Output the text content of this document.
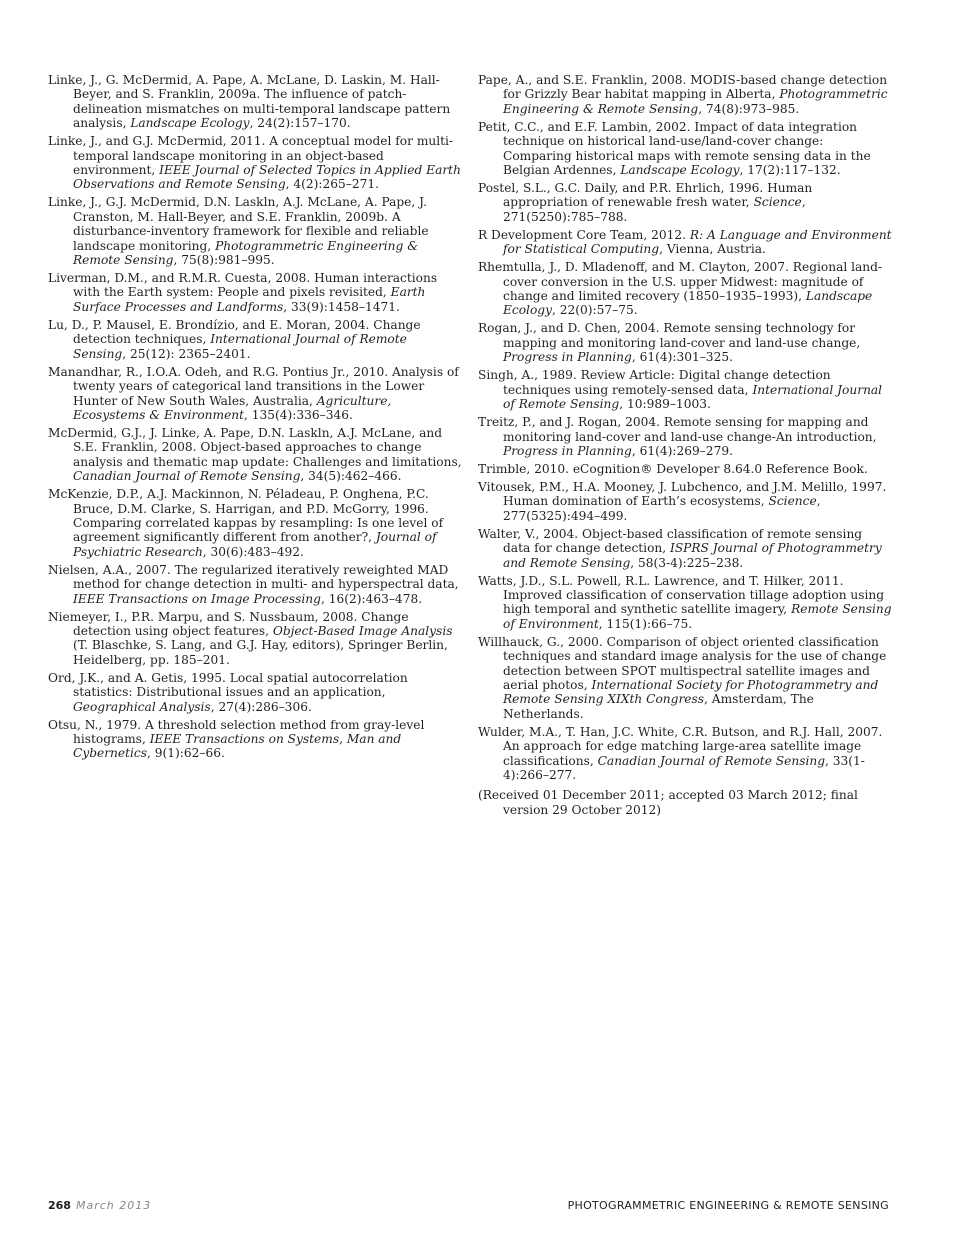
Linke, J., G. McDermid, A. Pape, A. McLane, D. Laskin, M. Hall-Beyer, and S. Franklin, 2009a. The influence of patch-delineation mismatches on multi-temporal landscape pattern analysis, Landscape Ecology, 24(2):157–170.

Linke, J., and G.J. McDermid, 2011. A conceptual model for multi-temporal landscape monitoring in an object-based environment, IEEE Journal of Selected Topics in Applied Earth Observations and Remote Sensing, 4(2):265–271.

Linke, J., G.J. McDermid, D.N. Laskln, A.J. McLane, A. Pape, J. Cranston, M. Hall-Beyer, and S.E. Franklin, 2009b. A disturbance-inventory framework for flexible and reliable landscape monitoring, Photogrammetric Engineering & Remote Sensing, 75(8):981–995.

Liverman, D.M., and R.M.R. Cuesta, 2008. Human interactions with the Earth system: People and pixels revisited, Earth Surface Processes and Landforms, 33(9):1458–1471.

Lu, D., P. Mausel, E. Brondízio, and E. Moran, 2004. Change detection techniques, International Journal of Remote Sensing, 25(12): 2365–2401.

Manandhar, R., I.O.A. Odeh, and R.G. Pontius Jr., 2010. Analysis of twenty years of categorical land transitions in the Lower Hunter of New South Wales, Australia, Agriculture, Ecosystems & Environment, 135(4):336–346.

McDermid, G.J., J. Linke, A. Pape, D.N. Laskln, A.J. McLane, and S.E. Franklin, 2008. Object-based approaches to change analysis and thematic map update: Challenges and limitations, Canadian Journal of Remote Sensing, 34(5):462–466.

McKenzie, D.P., A.J. Mackinnon, N. Péladeau, P. Onghena, P.C. Bruce, D.M. Clarke, S. Harrigan, and P.D. McGorry, 1996. Comparing correlated kappas by resampling: Is one level of agreement significantly different from another?, Journal of Psychiatric Research, 30(6):483–492.

Nielsen, A.A., 2007. The regularized iteratively reweighted MAD method for change detection in multi- and hyperspectral data, IEEE Transactions on Image Processing, 16(2):463–478.

Niemeyer, I., P.R. Marpu, and S. Nussbaum, 2008. Change detection using object features, Object-Based Image Analysis (T. Blaschke, S. Lang, and G.J. Hay, editors), Springer Berlin, Heidelberg, pp. 185–201.

Ord, J.K., and A. Getis, 1995. Local spatial autocorrelation statistics: Distributional issues and an application, Geographical Analysis, 27(4):286–306.

Otsu, N., 1979. A threshold selection method from gray-level histograms, IEEE Transactions on Systems, Man and Cybernetics, 9(1):62–66.

Pape, A., and S.E. Franklin, 2008. MODIS-based change detection for Grizzly Bear habitat mapping in Alberta, Photogrammetric Engineering & Remote Sensing, 74(8):973–985.

Petit, C.C., and E.F. Lambin, 2002. Impact of data integration technique on historical land-use/land-cover change: Comparing historical maps with remote sensing data in the Belgian Ardennes, Landscape Ecology, 17(2):117–132.

Postel, S.L., G.C. Daily, and P.R. Ehrlich, 1996. Human appropriation of renewable fresh water, Science, 271(5250):785–788.

R Development Core Team, 2012. R: A Language and Environment for Statistical Computing, Vienna, Austria.

Rhemtulla, J., D. Mladenoff, and M. Clayton, 2007. Regional land-cover conversion in the U.S. upper Midwest: magnitude of change and limited recovery (1850–1935–1993), Landscape Ecology, 22(0):57–75.

Rogan, J., and D. Chen, 2004. Remote sensing technology for mapping and monitoring land-cover and land-use change, Progress in Planning, 61(4):301–325.

Singh, A., 1989. Review Article: Digital change detection techniques using remotely-sensed data, International Journal of Remote Sensing, 10:989–1003.

Treitz, P., and J. Rogan, 2004. Remote sensing for mapping and monitoring land-cover and land-use change-An introduction, Progress in Planning, 61(4):269–279.

Trimble, 2010. eCognition® Developer 8.64.0 Reference Book.

Vitousek, P.M., H.A. Mooney, J. Lubchenco, and J.M. Melillo, 1997. Human domination of Earth’s ecosystems, Science, 277(5325):494–499.

Walter, V., 2004. Object-based classification of remote sensing data for change detection, ISPRS Journal of Photogrammetry and Remote Sensing, 58(3-4):225–238.

Watts, J.D., S.L. Powell, R.L. Lawrence, and T. Hilker, 2011. Improved classification of conservation tillage adoption using high temporal and synthetic satellite imagery, Remote Sensing of Environment, 115(1):66–75.

Willhauck, G., 2000. Comparison of object oriented classification techniques and standard image analysis for the use of change detection between SPOT multispectral satellite images and aerial photos, International Society for Photogrammetry and Remote Sensing XIXth Congress, Amsterdam, The Netherlands.

Wulder, M.A., T. Han, J.C. White, C.R. Butson, and R.J. Hall, 2007. An approach for edge matching large-area satellite image classifications, Canadian Journal of Remote Sensing, 33(1-4):266–277.

(Received 01 December 2011; accepted 03 March 2012; final version 29 October 2012)

268 March 2013	PHOTOGRAMMETRIC ENGINEERING & REMOTE SENSING
